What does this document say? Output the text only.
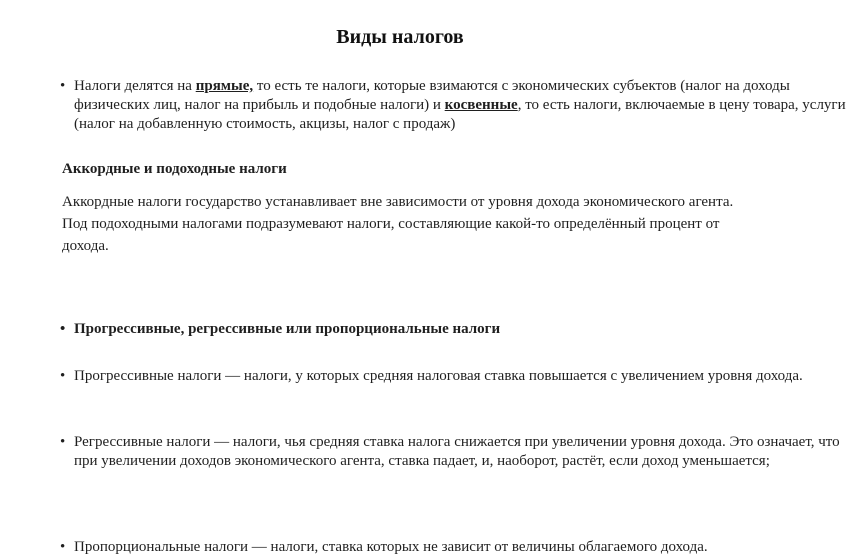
Виды налогов
• Налоги делятся на прямые, то есть те налоги, которые взимаются с экономических субъектов (налог на доходы физических лиц, налог на прибыль и подобные налоги) и косвенные, то есть налоги, включаемые в цену товара, услуги (налог на добавленную стоимость, акцизы, налог с продаж)
Аккордные и подоходные налоги
Аккордные налоги государство устанавливает вне зависимости от уровня дохода экономического агента. Под подоходными налогами подразумевают налоги, составляющие какой-то определённый процент от дохода.
• Прогрессивные, регрессивные или пропорциональные налоги
• Прогрессивные налоги — налоги, у которых средняя налоговая ставка повышается с увеличением уровня дохода.
• Регрессивные налоги — налоги, чья средняя ставка налога снижается при увеличении уровня дохода. Это означает, что при увеличении доходов экономического агента, ставка падает, и, наоборот, растёт, если доход уменьшается;
• Пропорциональные налоги — налоги, ставка которых не зависит от величины облагаемого дохода.
